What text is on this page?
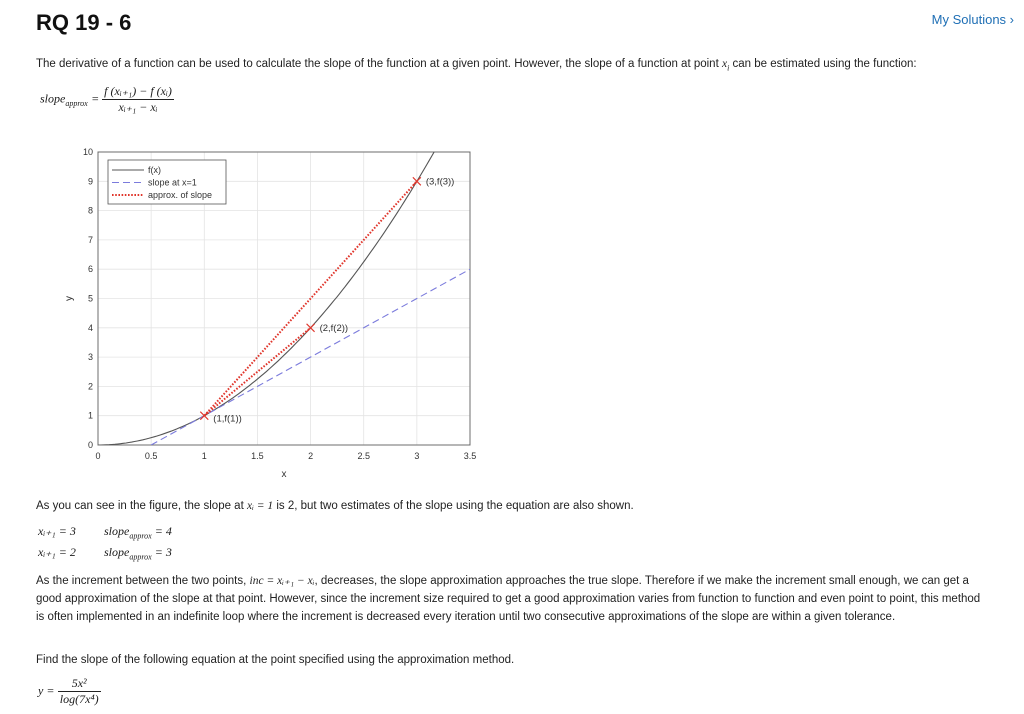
RQ 19 - 6	My Solutions ›
The derivative of a function can be used to calculate the slope of the function at a given point. However, the slope of a function at point $x_i$ can be estimated using the function:
slope$_{approx}$ = $\frac{\text{f (xᵢ₊₁) − f (xᵢ)}}{\text{xᵢ₊₁ − xᵢ}}$
0	0.5	1	1.5	2	2.5	3	3.5
0
1
2
3
4
5
6
7
8
9
10
x
y
(1,f(1))
(2,f(2))
(3,f(3))
f(x)
slope at x=1
approx. of slope
As you can see in the figure, the slope at xᵢ = 1 is 2, but two estimates of the slope using the equation are also shown.
xᵢ₊₁ = 3 slope$_{approx}$ = 4
xᵢ₊₁ = 2 slope$_{approx}$ = 3
As the increment between the two points, inc = xᵢ₊₁ − xᵢ, decreases, the slope approximation approaches the true slope. Therefore if we make the increment small enough, we can get a good approximation of the slope at that point. However, since the increment size required to get a good approximation varies from function to function and even point to point, this method is often implemented in an indefinite loop where the increment is decreased every iteration until two consecutive approximations of the slope are within a given tolerance.
Find the slope of the following equation at the point specified using the approximation method.
$y = \frac{\text{5x²}}{\text{log(7x⁴)}}$
